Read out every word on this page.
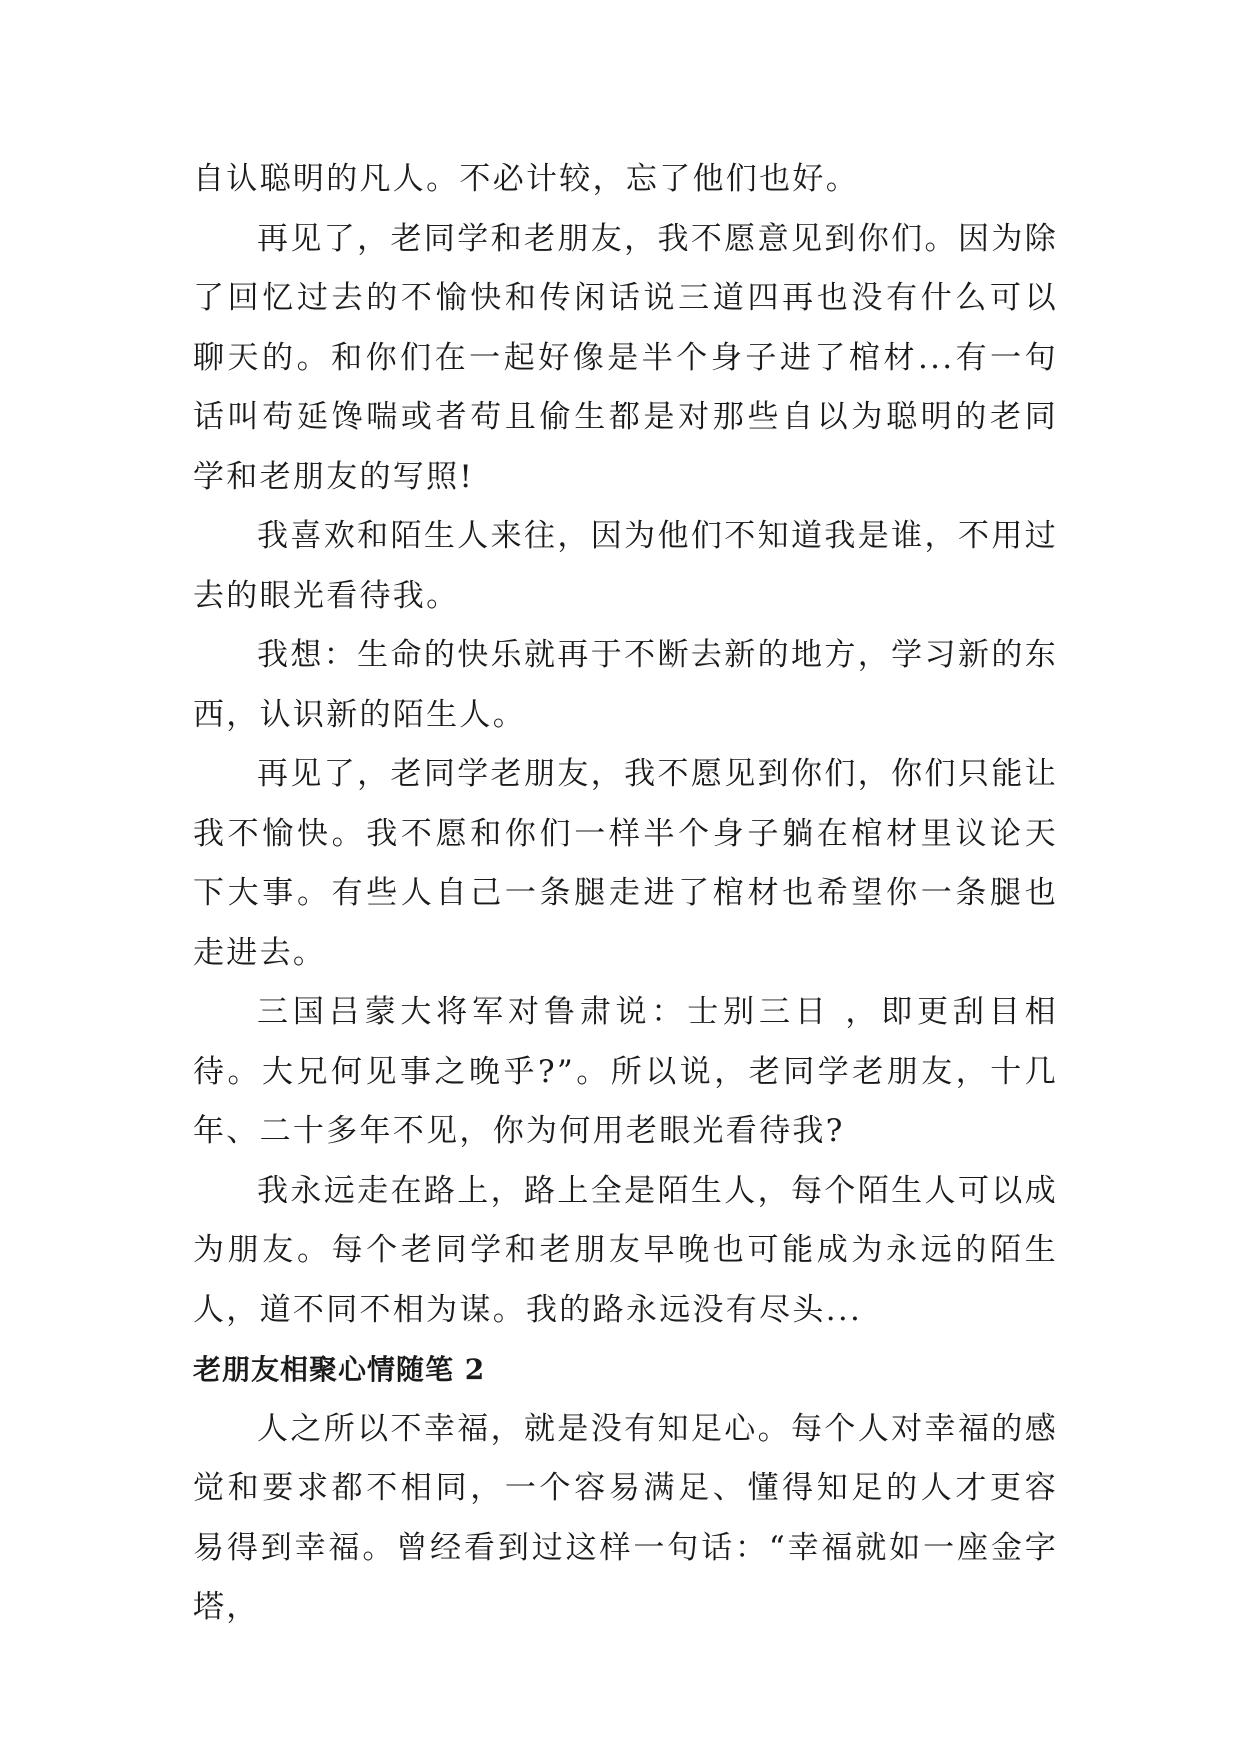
自认聪明的凡人。不必计较，忘了他们也好。

再见了，老同学和老朋友，我不愿意见到你们。因为除了回忆过去的不愉快和传闲话说三道四再也没有什么可以聊天的。和你们在一起好像是半个身子进了棺材...有一句话叫苟延馋喘或者苟且偷生都是对那些自以为聪明的老同学和老朋友的写照!

我喜欢和陌生人来往，因为他们不知道我是谁，不用过去的眼光看待我。

我想：生命的快乐就再于不断去新的地方，学习新的东西，认识新的陌生人。

再见了，老同学老朋友，我不愿见到你们，你们只能让我不愉快。我不愿和你们一样半个身子躺在棺材里议论天下大事。有些人自己一条腿走进了棺材也希望你一条腿也走进去。

三国吕蒙大将军对鲁肃说：士别三日 ，即更刮目相待。大兄何见事之晚乎?”。所以说，老同学老朋友，十几年、二十多年不见，你为何用老眼光看待我?

我永远走在路上，路上全是陌生人，每个陌生人可以成为朋友。每个老同学和老朋友早晚也可能成为永远的陌生人，道不同不相为谋。我的路永远没有尽头...

老朋友相聚心情随笔 2

人之所以不幸福，就是没有知足心。每个人对幸福的感觉和要求都不相同，一个容易满足、懂得知足的人才更容易得到幸福。曾经看到过这样一句话：“幸福就如一座金字塔，
